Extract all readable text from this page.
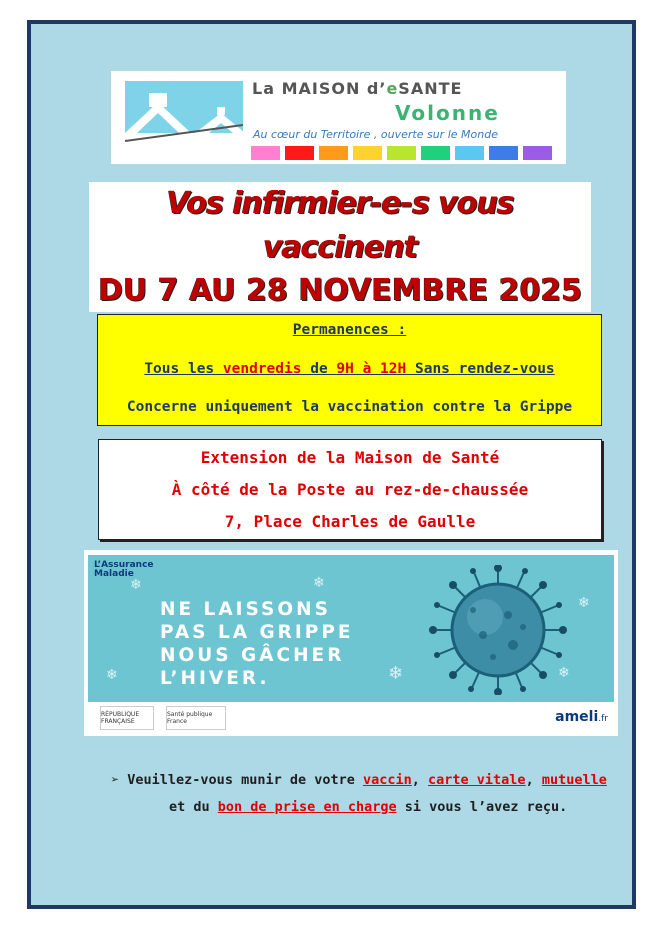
La MAISON d’eSANTE
Volonne
Au cœur du Territoire , ouverte sur le Monde
Vos infirmier-e-s vous vaccinent
DU 7 AU 28 NOVEMBRE 2025
Permanences :
Tous les vendredis de 9H à 12H Sans rendez-vous
Concerne uniquement la vaccination contre la Grippe
Extension de la Maison de Santé
À côté de la Poste au rez-de-chaussée
7, Place Charles de Gaulle
L’Assurance
Maladie
❄	❄
❄
❄
❄
❄
NE LAISSONS
PAS LA GRIPPE
NOUS GÂCHER
L’HIVER.
RÉPUBLIQUE FRANÇAISE
Santé publique France	ameli.fr
➢ Veuillez-vous munir de votre vaccin, carte vitale, mutuelle
et du bon de prise en charge si vous l’avez reçu.
